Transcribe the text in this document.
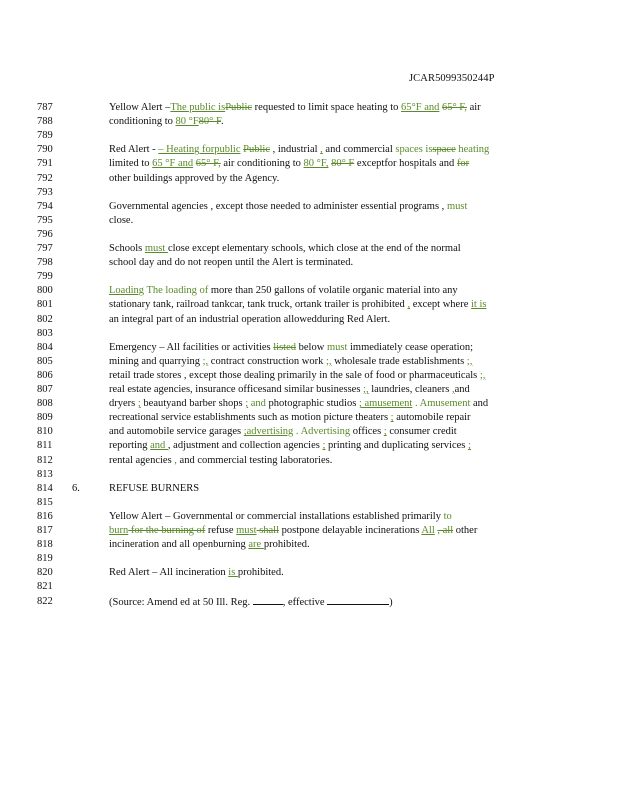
JCAR5099350244P
787	Yellow Alert –The public isPublic requested to limit space heating to 65°F and 65° F, air
788	conditioning to 80 °F80° F.
789
790	Red Alert - – Heating forpublic Public , industrial , and commercial spaces isspace heating
791	limited to 65 °F and 65° F, air conditioning to 80 °F, 80° F exceptfor hospitals and for
792	other buildings approved by the Agency.
793
794	Governmental agencies , except those needed to administer essential programs , must
795	close.
796
797	Schools must close except elementary schools, which close at the end of the normal
798	school day and do not reopen until the Alert is terminated.
799
800	Loading The loading of more than 250 gallons of volatile organic material into any
801	stationary tank, railroad tankcar, tank truck, ortank trailer is prohibited , except where it is
802	an integral part of an industrial operation allowedduring Red Alert.
803
804	Emergency – All facilities or activities listed below must immediately cease operation;
805	mining and quarrying ;, contract construction work ;, wholesale trade establishments ;,
806	retail trade stores , except those dealing primarily in the sale of food or pharmaceuticals ;,
807	real estate agencies, insurance officesand similar businesses ;, laundries, cleaners ,and
808	dryers ; beautyand barber shops ; and photographic studios ; amusement . Amusement and
809	recreational service establishments such as motion picture theaters ; automobile repair
810	and automobile service garages ;advertising . Advertising offices ; consumer credit
811	reporting and , adjustment and collection agencies ; printing and duplicating services ;
812	rental agencies , and commercial testing laboratories.
813
814	6.	REFUSE BURNERS
815
816	Yellow Alert – Governmental or commercial installations established primarily to
817	burn for the burning of refuse must shall postpone delayable incinerations All , all other
818	incineration and all openburning are prohibited.
819
820	Red Alert – All incineration is prohibited.
821
822	(Source: Amend ed at 50 Ill. Reg.	, effective	)
